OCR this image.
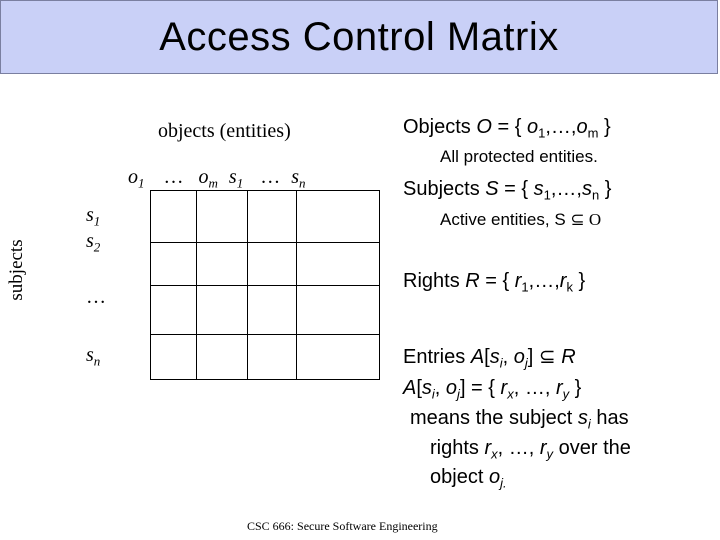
Access Control Matrix
objects (entities)
subjects
$o_1$ … $o_m$ $s_1$ … $s_n$
$s_1$
$s_2$
…
$s_n$
Objects O = { $o_1,\dots,o_m$ }
All protected entities.
Subjects S = { $s_1,\dots,s_n$ }
Active entities, S ⊆ O
Rights R = { $r_1,\dots,r_k$ }
Entries $A[s_i$, $o_j$] ⊆ R
$A[s_i$, $o_j$] = { $r_x$, …, $r_y$ }
means the subject $s_i$ has
rights $r_x$, …, $r_y$ over the
object $o_{j.}$
CSC 666: Secure Software Engineering
